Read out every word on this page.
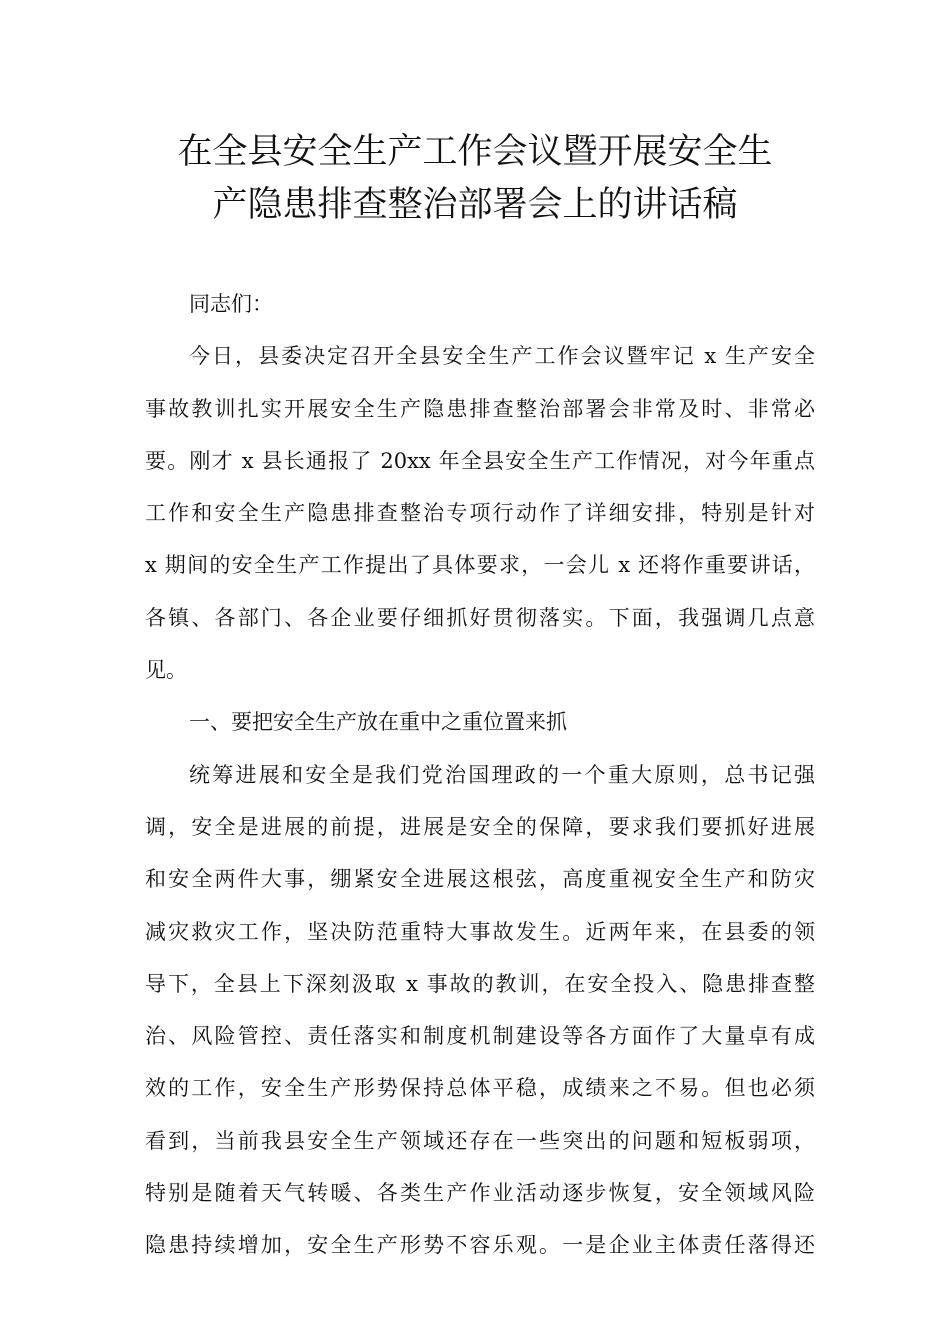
在全县安全生产工作会议暨开展安全生
产隐患排查整治部署会上的讲话稿
同志们：
今日，县委决定召开全县安全生产工作会议暨牢记 x 生产安全
事故教训扎实开展安全生产隐患排查整治部署会非常及时、非常必
要。刚才 x 县长通报了 20xx 年全县安全生产工作情况，对今年重点
工作和安全生产隐患排查整治专项行动作了详细安排，特别是针对
x 期间的安全生产工作提出了具体要求，一会儿 x 还将作重要讲话，
各镇、各部门、各企业要仔细抓好贯彻落实。下面，我强调几点意
见。
一、要把安全生产放在重中之重位置来抓
统筹进展和安全是我们党治国理政的一个重大原则，总书记强
调，安全是进展的前提，进展是安全的保障，要求我们要抓好进展
和安全两件大事，绷紧安全进展这根弦，高度重视安全生产和防灾
减灾救灾工作，坚决防范重特大事故发生。近两年来，在县委的领
导下，全县上下深刻汲取 x 事故的教训，在安全投入、隐患排查整
治、风险管控、责任落实和制度机制建设等各方面作了大量卓有成
效的工作，安全生产形势保持总体平稳，成绩来之不易。但也必须
看到，当前我县安全生产领域还存在一些突出的问题和短板弱项，
特别是随着天气转暖、各类生产作业活动逐步恢复，安全领域风险
隐患持续增加，安全生产形势不容乐观。一是企业主体责任落得还
